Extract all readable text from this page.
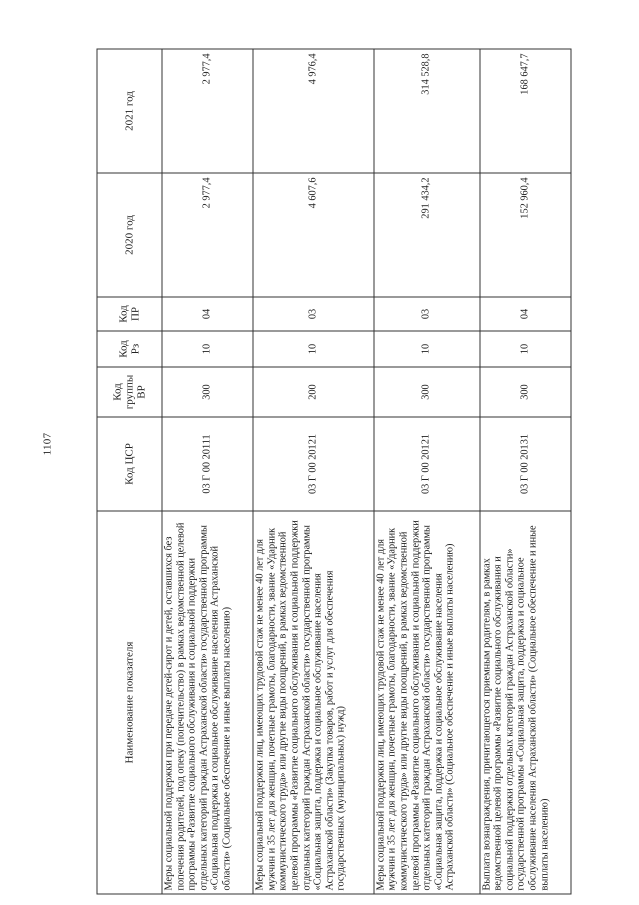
1107
Наименование показателя	Код ЦСР	Код группы ВР	Код Рз	Код ПР	2020 год	2021 год
Меры социальной поддержки при передаче детей-сирот и детей, оставшихся без попечения родителей, под опеку (попечительство) в рамках ведомственной целевой программы «Развитие социального обслуживания и социальной поддержки отдельных категорий граждан Астраханской области» государственной программы «Социальная поддержка и социальное обслуживание населения Астраханской области» (Социальное обеспечение и иные выплаты населению)	03 Г 00 20111	300	10	04	2 977,4	2 977,4
Меры социальной поддержки лиц, имеющих трудовой стаж не менее 40 лет для мужчин и 35 лет для женщин, почетные грамоты, благодарности, звание «Ударник коммунистического труда» или другие виды поощрений, в рамках ведомственной целевой программы «Развитие социального обслуживания и социальной поддержки отдельных категорий граждан Астраханской области» государственной программы «Социальная защита, поддержка и социальное обслуживание населения Астраханской области» (Закупка товаров, работ и услуг для обеспечения государственных (муниципальных) нужд)	03 Г 00 20121	200	10	03	4 607,6	4 976,4
Меры социальной поддержки лиц, имеющих трудовой стаж не менее 40 лет для мужчин и 35 лет для женщин, почетные грамоты, благодарности, звание «Ударник коммунистического труда» или другие виды поощрений, в рамках ведомственной целевой программы «Развитие социального обслуживания и социальной поддержки отдельных категорий граждан Астраханской области» государственной программы «Социальная защита, поддержка и социальное обслуживание населения Астраханской области» (Социальное обеспечение и иные выплаты населению)	03 Г 00 20121	300	10	03	291 434,2	314 528,8
Выплата вознаграждения, причитающегося приемным родителям, в рамках ведомственной целевой программы «Развитие социального обслуживания и социальной поддержки отдельных категорий граждан Астраханской области» государственной программы «Социальная защита, поддержка и социальное обслуживание населения Астраханской области» (Социальное обеспечение и иные выплаты населению)	03 Г 00 20131	300	10	04	152 960,4	168 647,7
